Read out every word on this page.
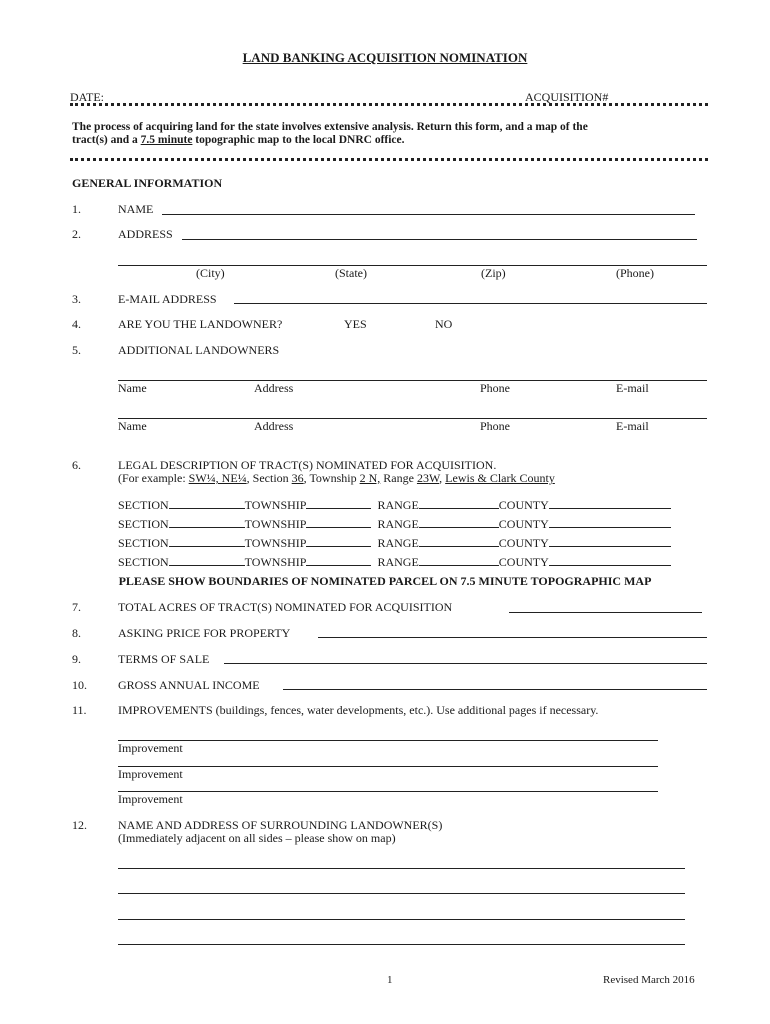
LAND BANKING ACQUISITION NOMINATION
DATE:	ACQUISITION#
The process of acquiring land for the state involves extensive analysis. Return this form, and a map of the
tract(s) and a 7.5 minute topographic map to the local DNRC office.
GENERAL INFORMATION
1.	NAME
2.	ADDRESS
(City)	(State)	(Zip)	(Phone)
3.	E-MAIL ADDRESS
4.	ARE YOU THE LANDOWNER?	YES	NO
5.	ADDITIONAL LANDOWNERS
Name	Address	Phone	E-mail
Name	Address	Phone	E-mail
6.	LEGAL DESCRIPTION OF TRACT(S) NOMINATED FOR ACQUISITION.
(For example: SW¼, NE¼, Section 36, Township 2 N, Range 23W, Lewis & Clark County
SECTION	TOWNSHIP	RANGE	COUNTY
SECTION	TOWNSHIP	RANGE	COUNTY
SECTION	TOWNSHIP	RANGE	COUNTY
SECTION	TOWNSHIP	RANGE	COUNTY
PLEASE SHOW BOUNDARIES OF NOMINATED PARCEL ON 7.5 MINUTE TOPOGRAPHIC MAP
7.	TOTAL ACRES OF TRACT(S) NOMINATED FOR ACQUISITION
8.	ASKING PRICE FOR PROPERTY
9.	TERMS OF SALE
10.	GROSS ANNUAL INCOME
11.	IMPROVEMENTS (buildings, fences, water developments, etc.). Use additional pages if necessary.
Improvement
Improvement
Improvement
12.	NAME AND ADDRESS OF SURROUNDING LANDOWNER(S)
(Immediately adjacent on all sides – please show on map)
1	Revised March 2016
